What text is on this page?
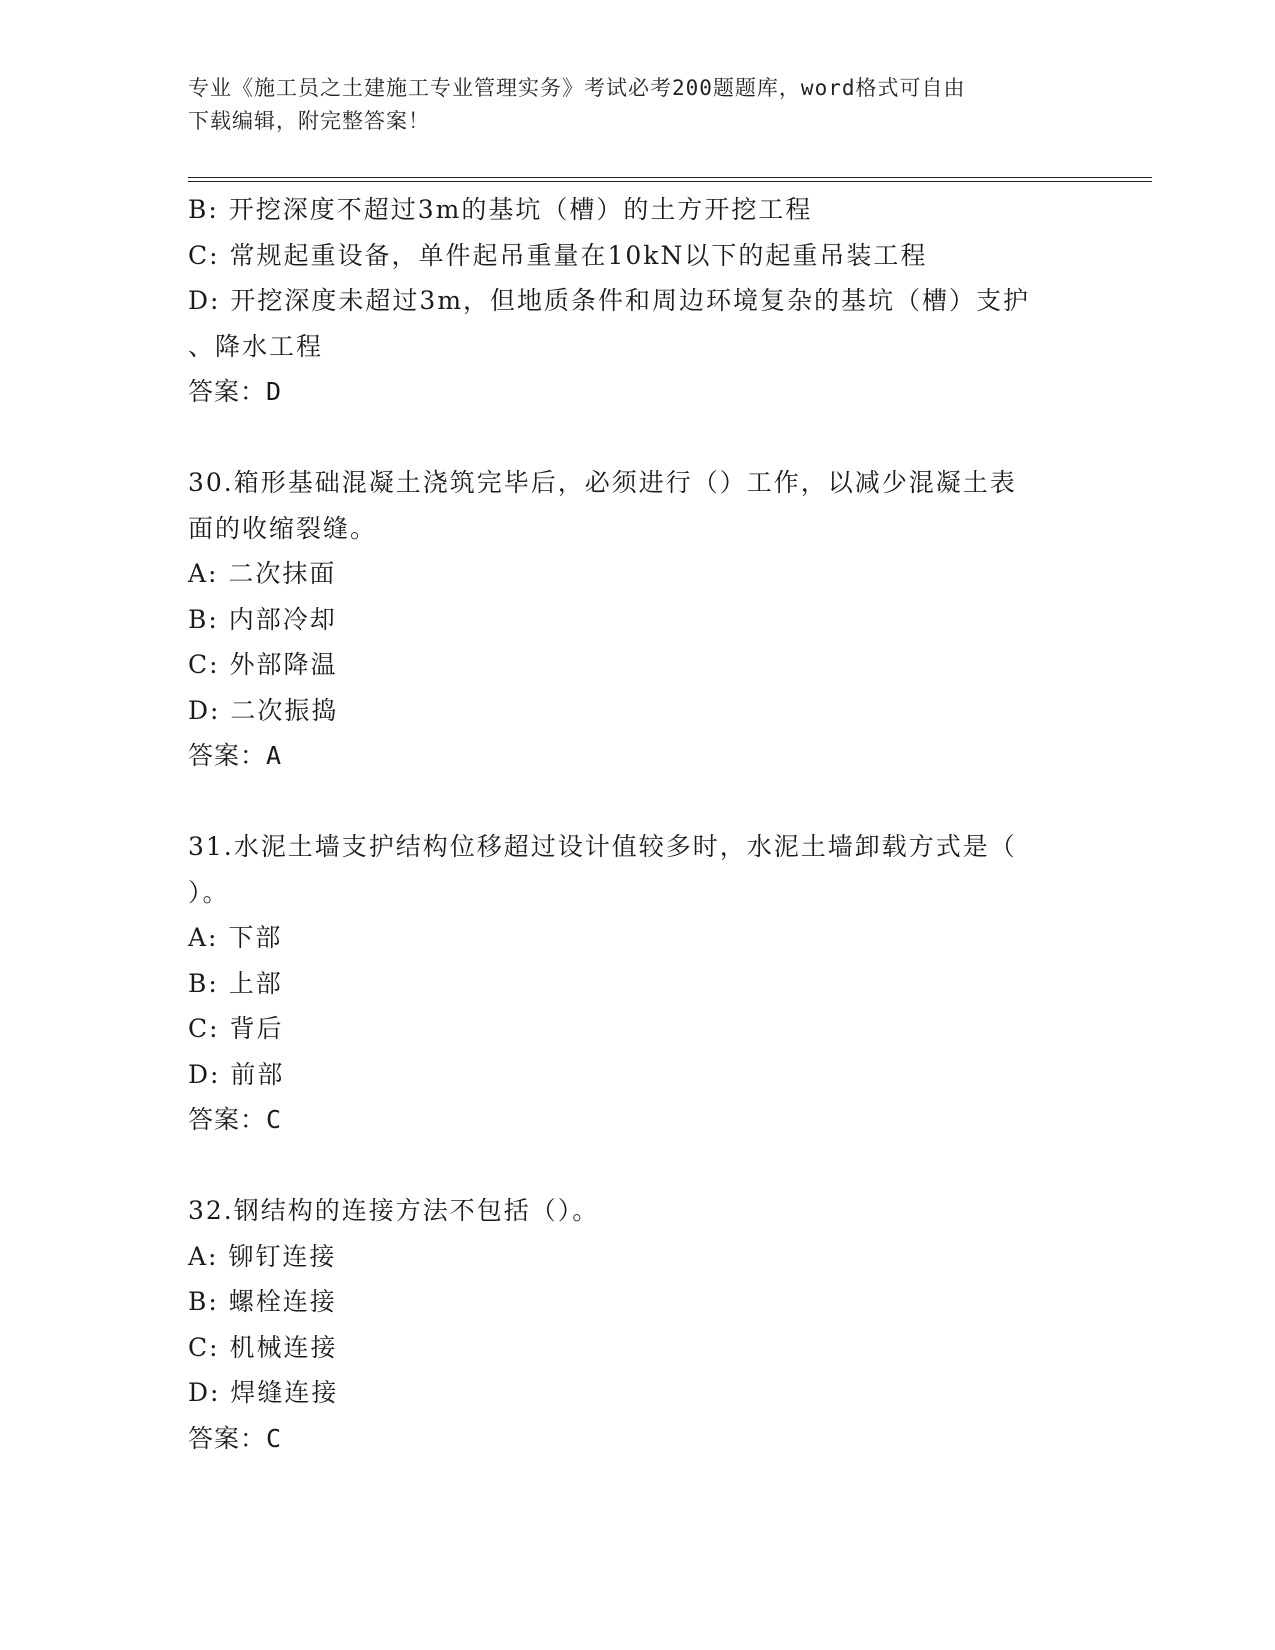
专业《施工员之土建施工专业管理实务》考试必考200题题库，word格式可自由
下载编辑，附完整答案！
B: 开挖深度不超过3m的基坑（槽）的土方开挖工程
C: 常规起重设备，单件起吊重量在10kN以下的起重吊装工程
D: 开挖深度未超过3m，但地质条件和周边环境复杂的基坑（槽）支护
、降水工程
答案：D
30.箱形基础混凝土浇筑完毕后，必须进行（）工作，以减少混凝土表
面的收缩裂缝。
A: 二次抹面
B: 内部冷却
C: 外部降温
D: 二次振捣
答案：A
31.水泥土墙支护结构位移超过设计值较多时，水泥土墙卸载方式是（
）。
A: 下部
B: 上部
C: 背后
D: 前部
答案：C
32.钢结构的连接方法不包括（）。
A: 铆钉连接
B: 螺栓连接
C: 机械连接
D: 焊缝连接
答案：C
